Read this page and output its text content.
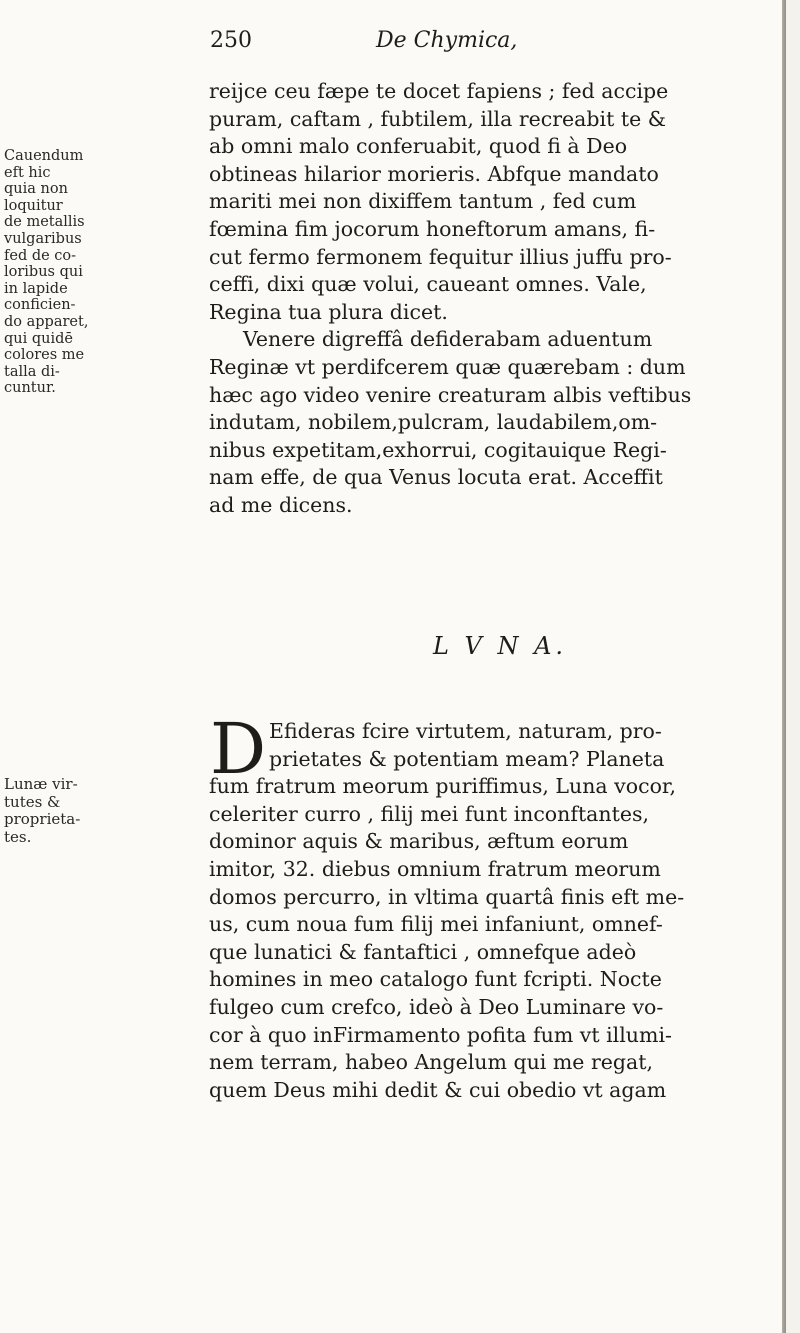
250	De Chymica,
Cauendum
eft hic
quia non
loquitur
de metallis
vulgaribus
fed de co-
loribus qui
in lapide
conficien-
do apparet,
qui quidē
colores me
talla di-
cuntur.
reijce ceu fæpe te docet fapiens ; fed accipe
puram, caftam , fubtilem, illa recreabit te &
ab omni malo conferuabit, quod fi à Deo
obtineas hilarior morieris. Abfque mandato
mariti mei non dixiffem tantum , fed cum
fœmina fim jocorum honeftorum amans, fi-
cut fermo fermonem fequitur illius juffu pro-
ceffi, dixi quæ volui, caueant omnes. Vale,
Regina tua plura dicet.
Venere digreffâ defiderabam aduentum
Reginæ vt perdifcerem quæ quærebam : dum
hæc ago video venire creaturam albis veftibus
indutam, nobilem,pulcram, laudabilem,om-
nibus expetitam,exhorrui, cogitauique Regi-
nam effe, de qua Venus locuta erat. Acceffit
ad me dicens.
L V N A.
Lunæ vir-
tutes &
proprieta-
tes.
D Efideras fcire virtutem, naturam, pro-
prietates & potentiam meam? Planeta
fum fratrum meorum puriffimus, Luna vocor,
celeriter curro , filij mei funt inconftantes,
dominor aquis & maribus, æftum eorum
imitor, 32. diebus omnium fratrum meorum
domos percurro, in vltima quartâ finis eft me-
us, cum noua fum filij mei infaniunt, omnef-
que lunatici & fantaftici , omnefque adeò
homines in meo catalogo funt fcripti. Nocte
fulgeo cum crefco, ideò à Deo Luminare vo-
cor à quo inFirmamento pofita fum vt illumi-
nem terram, habeo Angelum qui me regat,
quem Deus mihi dedit & cui obedio vt agam
